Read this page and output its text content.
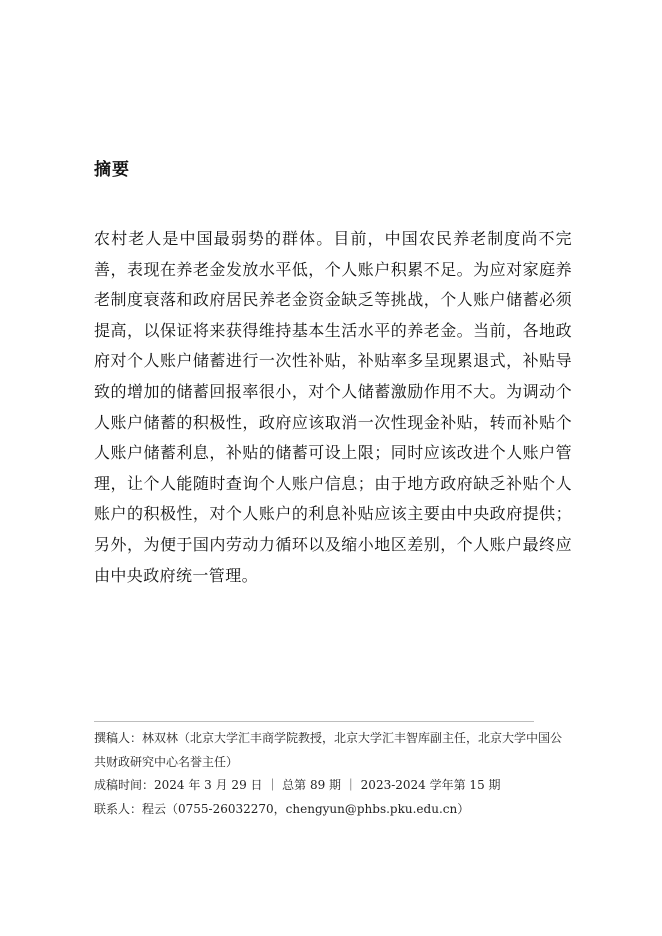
摘要

农村老人是中国最弱势的群体。目前，中国农民养老制度尚不完善，表现在养老金发放水平低，个人账户积累不足。为应对家庭养老制度衰落和政府居民养老金资金缺乏等挑战，个人账户储蓄必须提高，以保证将来获得维持基本生活水平的养老金。当前，各地政府对个人账户储蓄进行一次性补贴，补贴率多呈现累退式，补贴导致的增加的储蓄回报率很小，对个人储蓄激励作用不大。为调动个人账户储蓄的积极性，政府应该取消一次性现金补贴，转而补贴个人账户储蓄利息，补贴的储蓄可设上限；同时应该改进个人账户管理，让个人能随时查询个人账户信息；由于地方政府缺乏补贴个人账户的积极性，对个人账户的利息补贴应该主要由中央政府提供；另外，为便于国内劳动力循环以及缩小地区差别，个人账户最终应由中央政府统一管理。

撰稿人：林双林（北京大学汇丰商学院教授，北京大学汇丰智库副主任，北京大学中国公共财政研究中心名誉主任）
成稿时间：2024 年 3 月 29 日 ｜ 总第 89 期 ｜ 2023-2024 学年第 15 期
联系人：程云（0755-26032270，chengyun@phbs.pku.edu.cn）
